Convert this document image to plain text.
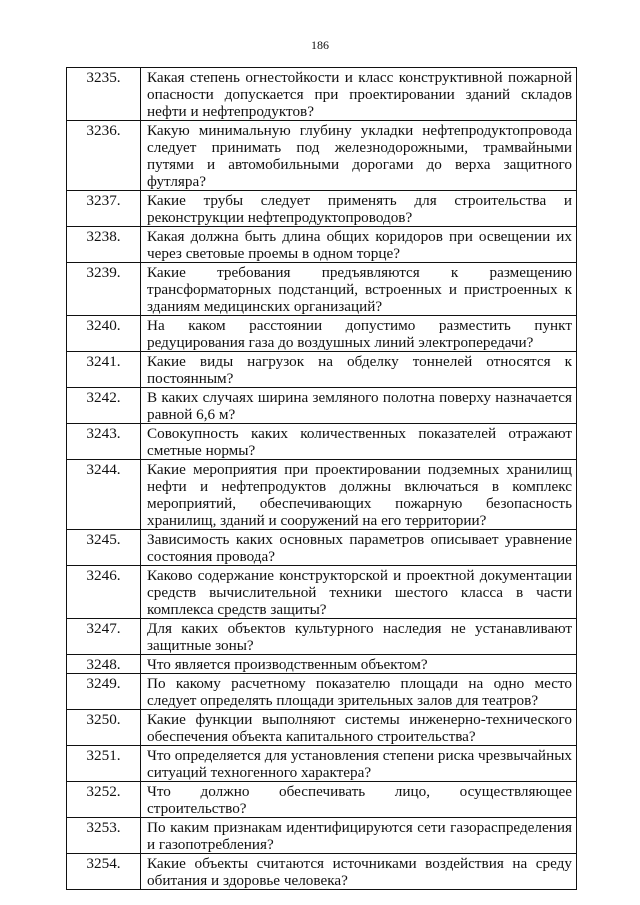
186
3235.	Какая степень огнестойкости и класс конструктивной пожарной опасности допускается при проектировании зданий складов нефти и нефтепродуктов?
3236.	Какую минимальную глубину укладки нефтепродуктопровода следует принимать под железнодорожными, трамвайными путями и автомобильными дорогами до верха защитного футляра?
3237.	Какие трубы следует применять для строительства и реконструкции нефтепродуктопроводов?
3238.	Какая должна быть длина общих коридоров при освещении их через световые проемы в одном торце?
3239.	Какие требования предъявляются к размещению трансформаторных подстанций, встроенных и пристроенных к зданиям медицинских организаций?
3240.	На каком расстоянии допустимо разместить пункт редуцирования газа до воздушных линий электропередачи?
3241.	Какие виды нагрузок на обделку тоннелей относятся к постоянным?
3242.	В каких случаях ширина земляного полотна поверху назначается равной 6,6 м?
3243.	Совокупность каких количественных показателей отражают сметные нормы?
3244.	Какие мероприятия при проектировании подземных хранилищ нефти и нефтепродуктов должны включаться в комплекс мероприятий, обеспечивающих пожарную безопасность хранилищ, зданий и сооружений на его территории?
3245.	Зависимость каких основных параметров описывает уравнение состояния провода?
3246.	Каково содержание конструкторской и проектной документации средств вычислительной техники шестого класса в части комплекса средств защиты?
3247.	Для каких объектов культурного наследия не устанавливают защитные зоны?
3248.	Что является производственным объектом?
3249.	По какому расчетному показателю площади на одно место следует определять площади зрительных залов для театров?
3250.	Какие функции выполняют системы инженерно-технического обеспечения объекта капитального строительства?
3251.	Что определяется для установления степени риска чрезвычайных ситуаций техногенного характера?
3252.	Что должно обеспечивать лицо, осуществляющее строительство?
3253.	По каким признакам идентифицируются сети газораспределения и газопотребления?
3254.	Какие объекты считаются источниками воздействия на среду обитания и здоровье человека?
